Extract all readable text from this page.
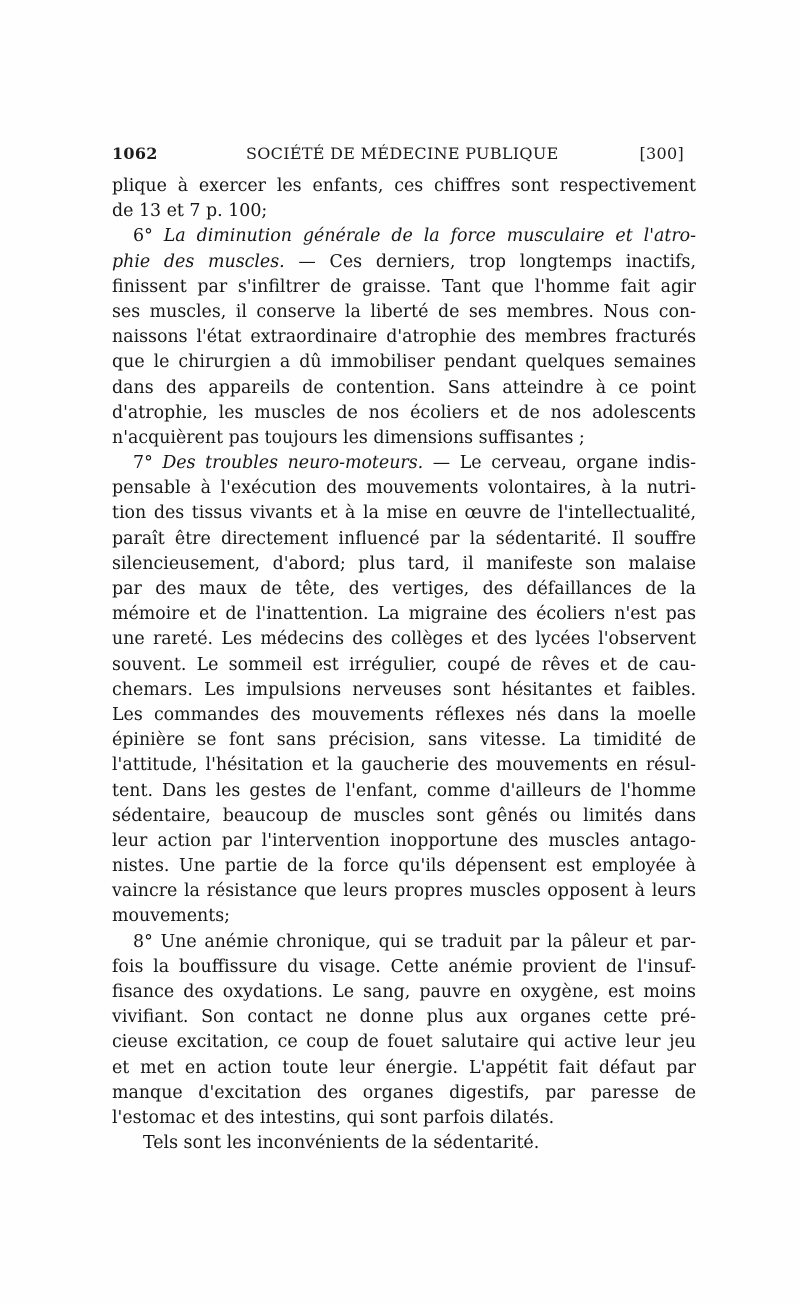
1062	SOCIÉTÉ DE MÉDECINE PUBLIQUE	[300]
plique à exercer les enfants, ces chiffres sont respectivement
de 13 et 7 p. 100;
6° La diminution générale de la force musculaire et l'atro-
phie des muscles. — Ces derniers, trop longtemps inactifs,
finissent par s'infiltrer de graisse. Tant que l'homme fait agir
ses muscles, il conserve la liberté de ses membres. Nous con-
naissons l'état extraordinaire d'atrophie des membres fracturés
que le chirurgien a dû immobiliser pendant quelques semaines
dans des appareils de contention. Sans atteindre à ce point
d'atrophie, les muscles de nos écoliers et de nos adolescents
n'acquièrent pas toujours les dimensions suffisantes ;
7° Des troubles neuro-moteurs. — Le cerveau, organe indis-
pensable à l'exécution des mouvements volontaires, à la nutri-
tion des tissus vivants et à la mise en œuvre de l'intellectualité,
paraît être directement influencé par la sédentarité. Il souffre
silencieusement, d'abord; plus tard, il manifeste son malaise
par des maux de tête, des vertiges, des défaillances de la
mémoire et de l'inattention. La migraine des écoliers n'est pas
une rareté. Les médecins des collèges et des lycées l'observent
souvent. Le sommeil est irrégulier, coupé de rêves et de cau-
chemars. Les impulsions nerveuses sont hésitantes et faibles.
Les commandes des mouvements réflexes nés dans la moelle
épinière se font sans précision, sans vitesse. La timidité de
l'attitude, l'hésitation et la gaucherie des mouvements en résul-
tent. Dans les gestes de l'enfant, comme d'ailleurs de l'homme
sédentaire, beaucoup de muscles sont gênés ou limités dans
leur action par l'intervention inopportune des muscles antago-
nistes. Une partie de la force qu'ils dépensent est employée à
vaincre la résistance que leurs propres muscles opposent à leurs
mouvements;
8° Une anémie chronique, qui se traduit par la pâleur et par-
fois la bouffissure du visage. Cette anémie provient de l'insuf-
fisance des oxydations. Le sang, pauvre en oxygène, est moins
vivifiant. Son contact ne donne plus aux organes cette pré-
cieuse excitation, ce coup de fouet salutaire qui active leur jeu
et met en action toute leur énergie. L'appétit fait défaut par
manque d'excitation des organes digestifs, par paresse de
l'estomac et des intestins, qui sont parfois dilatés.
Tels sont les inconvénients de la sédentarité.
